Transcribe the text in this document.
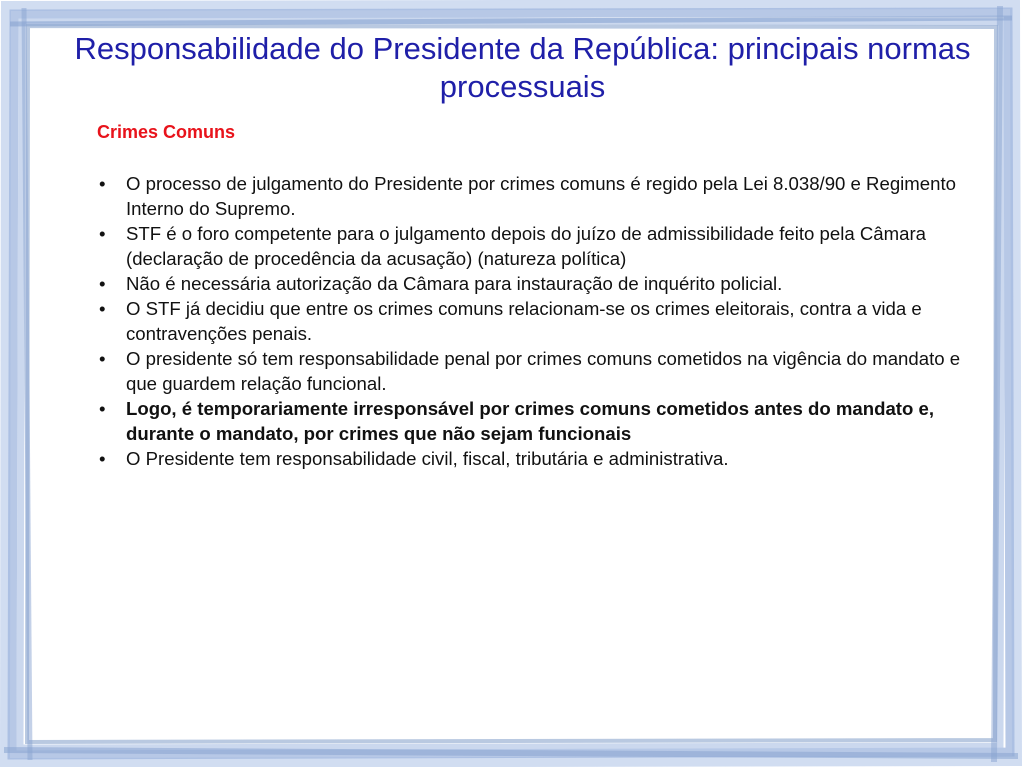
Responsabilidade do Presidente da República: principais normas processuais
Crimes Comuns
• O processo de julgamento do Presidente por crimes comuns é regido pela Lei 8.038/90 e Regimento Interno do Supremo.
• STF é o foro competente para o julgamento depois do juízo de admissibilidade feito pela Câmara (declaração de procedência da acusação) (natureza política)
• Não é necessária autorização da Câmara para instauração de inquérito policial.
• O STF já decidiu que entre os crimes comuns relacionam-se os crimes eleitorais, contra a vida e contravenções penais.
• O presidente só tem responsabilidade penal por crimes comuns cometidos na vigência do mandato e que guardem relação funcional.
• Logo, é temporariamente irresponsável por crimes comuns cometidos antes do mandato e, durante o mandato, por crimes que não sejam funcionais
• O Presidente tem responsabilidade civil, fiscal, tributária e administrativa.
